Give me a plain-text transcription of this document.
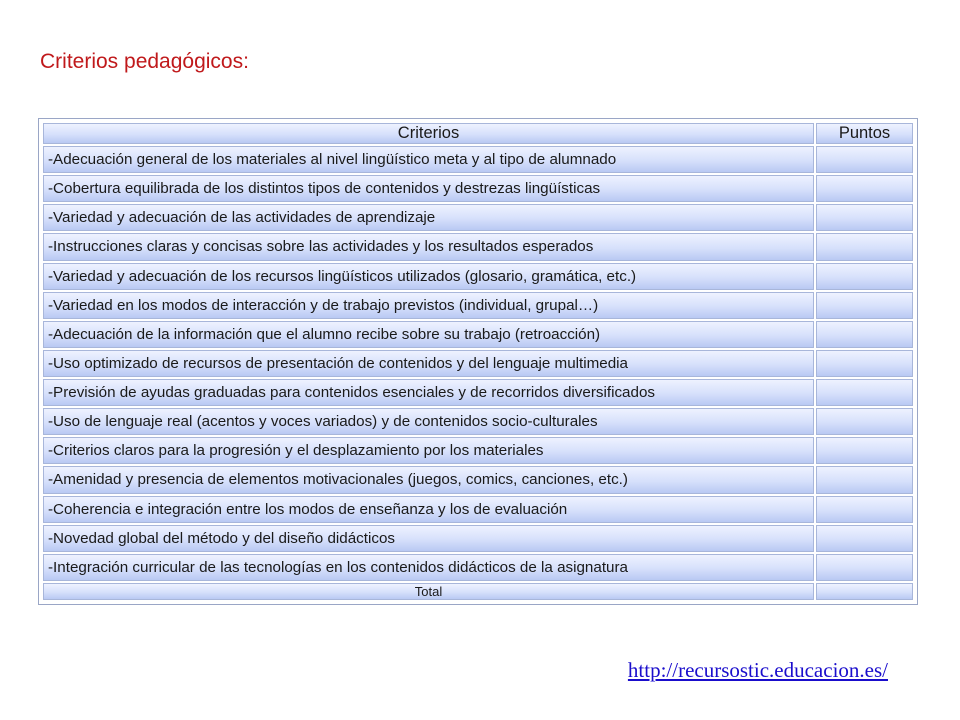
Criterios pedagógicos:
Criterios	Puntos
-Adecuación general de los materiales al nivel lingüístico meta y al tipo de alumnado	
-Cobertura equilibrada de los distintos tipos de contenidos y destrezas lingüísticas	
-Variedad y adecuación de las actividades de aprendizaje	
-Instrucciones claras y concisas sobre las actividades y los resultados esperados	
-Variedad y adecuación de los recursos lingüísticos utilizados (glosario, gramática, etc.)	
-Variedad en los modos de interacción y de trabajo previstos (individual, grupal…)	
-Adecuación de la información que el alumno recibe sobre su trabajo (retroacción)	
-Uso optimizado de recursos de presentación de contenidos y del lenguaje multimedia	
-Previsión de ayudas graduadas para contenidos esenciales y de recorridos diversificados	
-Uso de lenguaje real (acentos y voces variados) y de contenidos socio-culturales	
-Criterios claros para la progresión y el desplazamiento por los materiales	
-Amenidad y presencia de elementos motivacionales (juegos, comics, canciones, etc.)	
-Coherencia e integración entre los modos de enseñanza y los de evaluación	
-Novedad global del método y del diseño didácticos	
-Integración curricular de las tecnologías en los contenidos didácticos de la asignatura	
Total	
http://recursostic.educacion.es/
